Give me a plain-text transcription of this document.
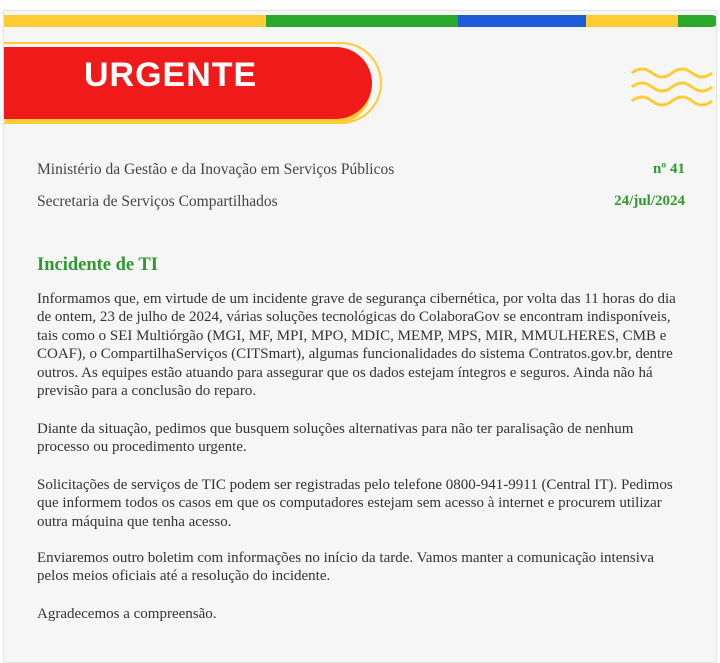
URGENTE
Ministério da Gestão e da Inovação em Serviços Públicos	nº 41
Secretaria de Serviços Compartilhados	24/jul/2024
Incidente de TI

Informamos que, em virtude de um incidente grave de segurança cibernética, por volta das 11 horas do dia de ontem, 23 de julho de 2024, várias soluções tecnológicas do ColaboraGov se encontram indisponíveis, tais como o SEI Multiórgão (MGI, MF, MPI, MPO, MDIC, MEMP, MPS, MIR, MMULHERES, CMB e COAF), o CompartilhaServiços (CITSmart), algumas funcionalidades do sistema Contratos.gov.br, dentre outros. As equipes estão atuando para assegurar que os dados estejam íntegros e seguros. Ainda não há previsão para a conclusão do reparo.

Diante da situação, pedimos que busquem soluções alternativas para não ter paralisação de nenhum processo ou procedimento urgente.

Solicitações de serviços de TIC podem ser registradas pelo telefone 0800-941-9911 (Central IT). Pedimos que informem todos os casos em que os computadores estejam sem acesso à internet e procurem utilizar outra máquina que tenha acesso.

Enviaremos outro boletim com informações no início da tarde. Vamos manter a comunicação intensiva pelos meios oficiais até a resolução do incidente.

Agradecemos a compreensão.
